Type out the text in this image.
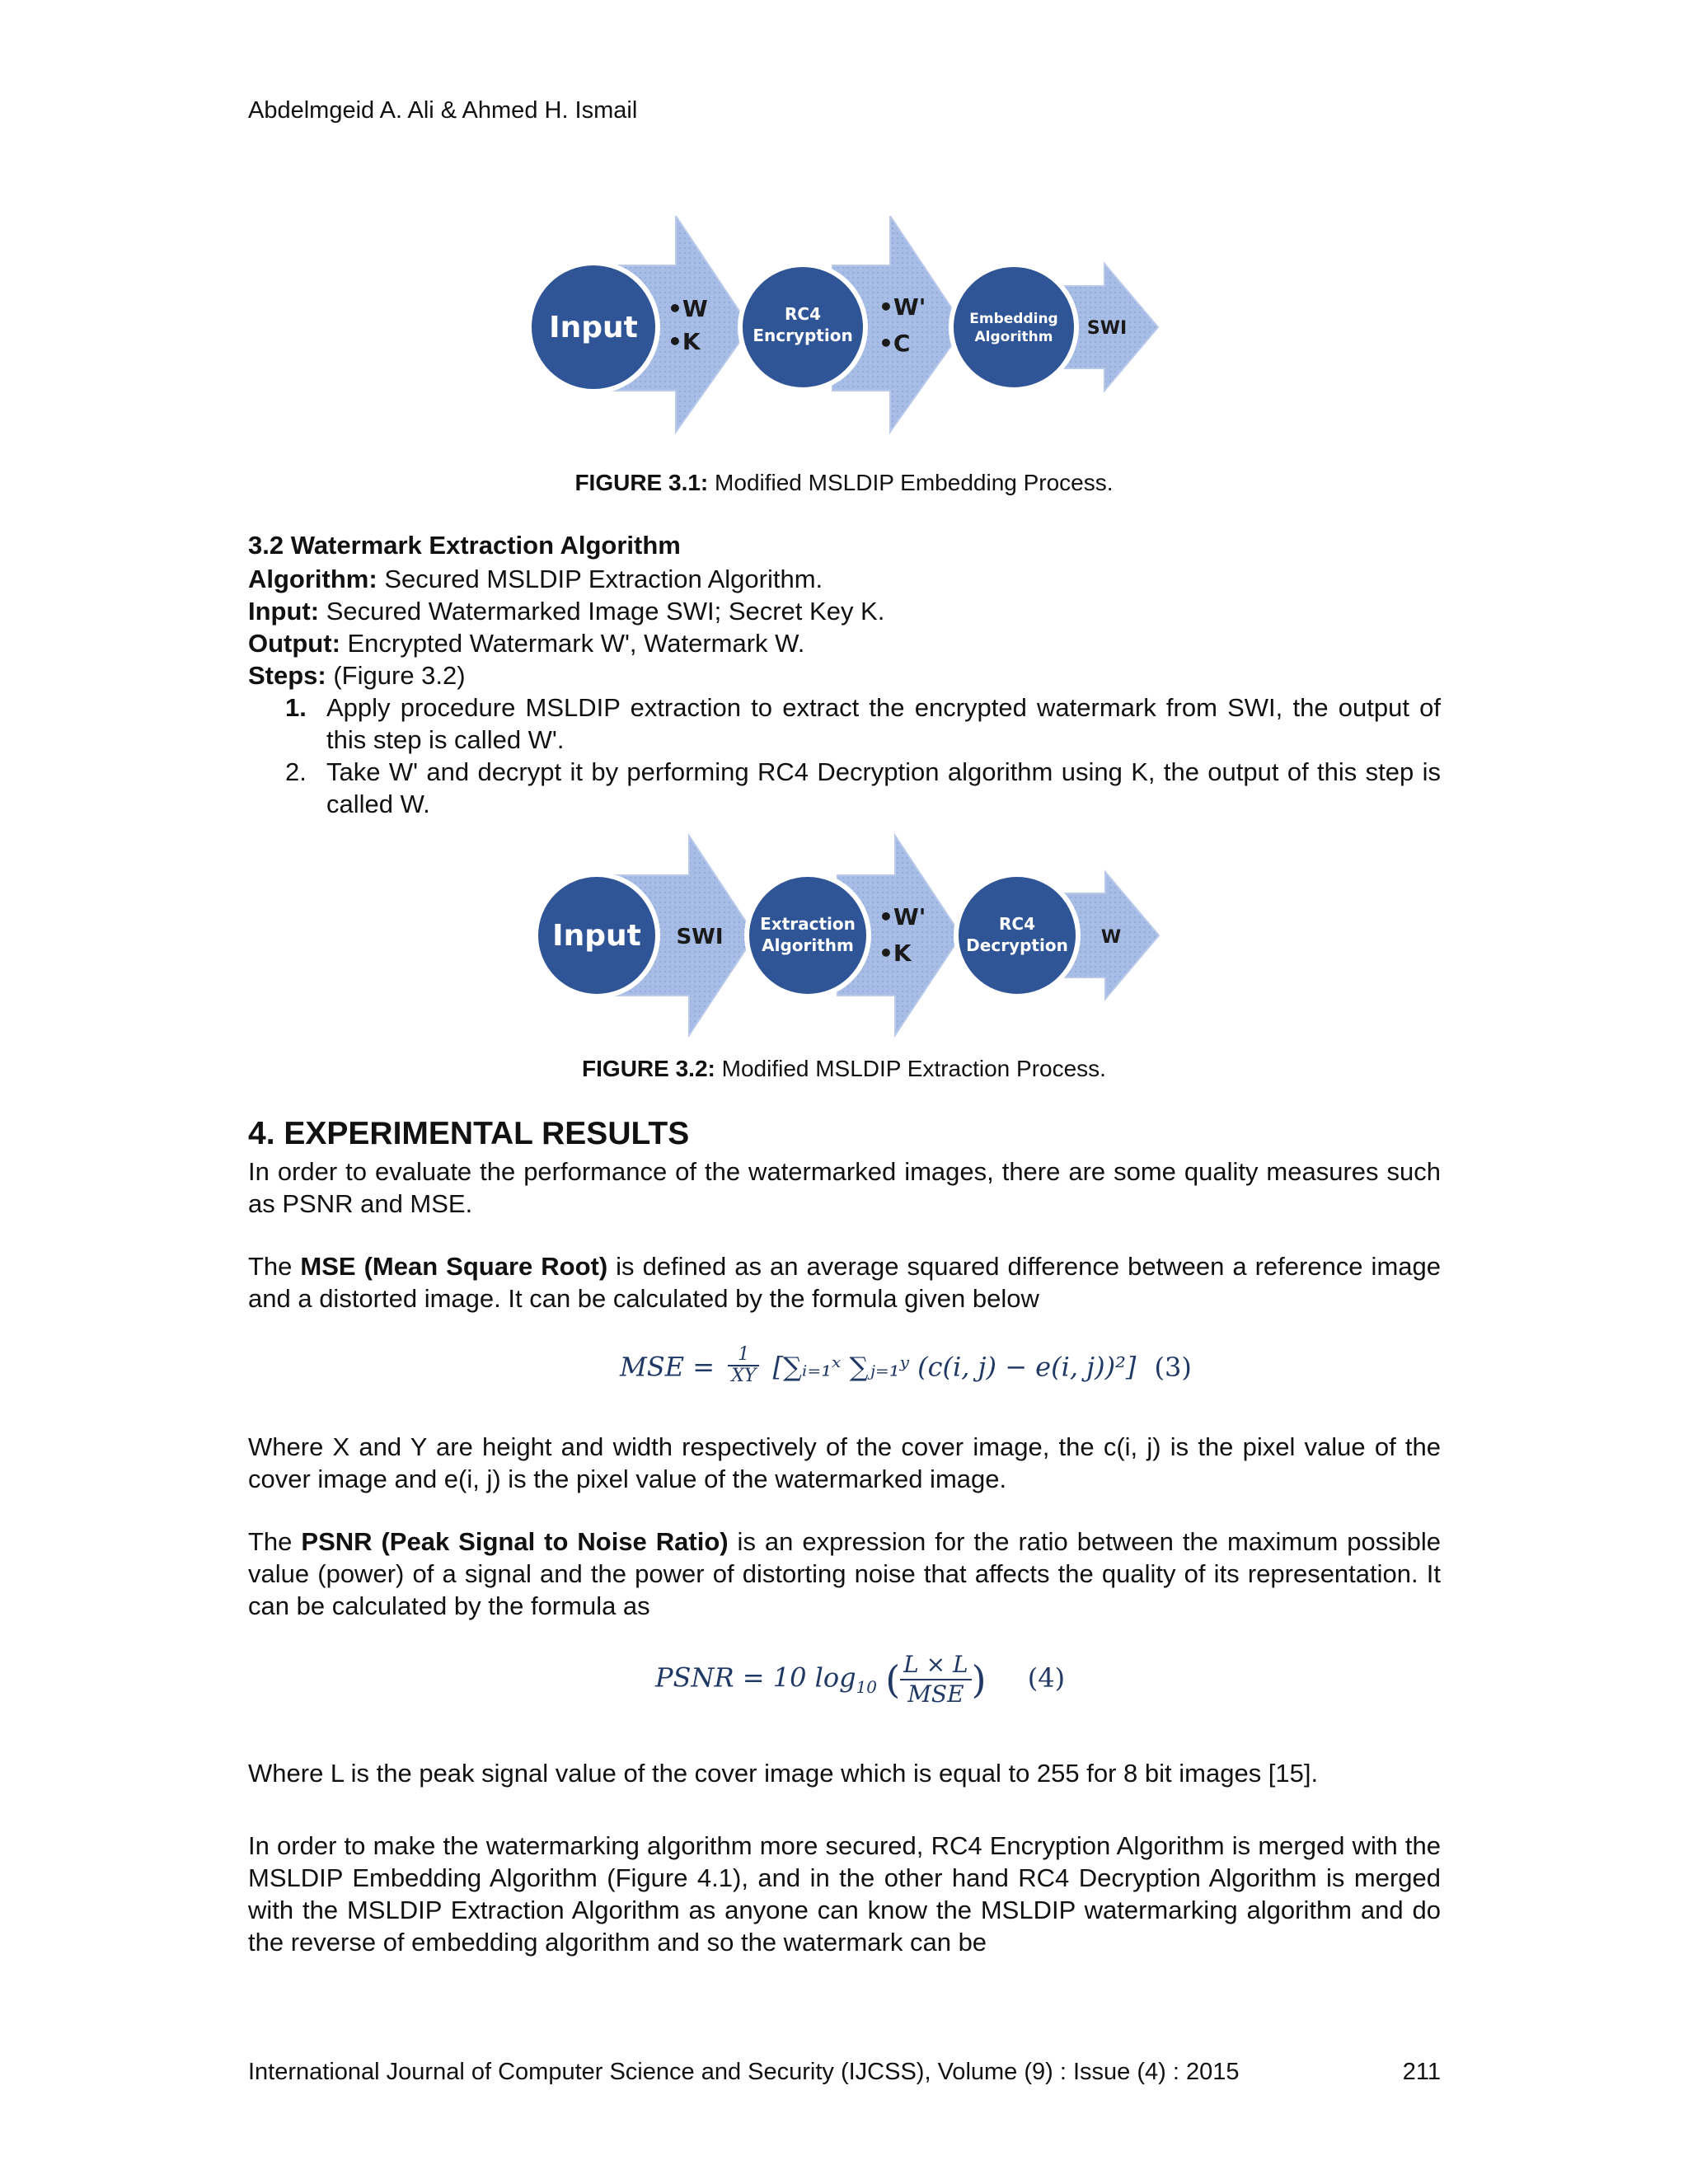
Abdelmgeid A. Ali & Ahmed H. Ismail
Input
•W
•K
RC4
Encryption
•W'
•C
Embedding
Algorithm SWI
FIGURE 3.1: Modified MSLDIP Embedding Process.
3.2 Watermark Extraction Algorithm
Algorithm: Secured MSLDIP Extraction Algorithm.
Input: Secured Watermarked Image SWI; Secret Key K.
Output: Encrypted Watermark W', Watermark W.
Steps: (Figure 3.2)
1. Apply procedure MSLDIP extraction to extract the encrypted watermark from SWI, the output of this step is called W'.
2. Take W' and decrypt it by performing RC4 Decryption algorithm using K, the output of this step is called W.
Input SWI
Extraction
Algorithm
•W'
•K
RC4
Decryption W
FIGURE 3.2: Modified MSLDIP Extraction Process.
4. EXPERIMENTAL RESULTS
In order to evaluate the performance of the watermarked images, there are some quality measures such as PSNR and MSE.
The MSE (Mean Square Root) is defined as an average squared difference between a reference image and a distorted image. It can be calculated by the formula given below
MSE = $\frac{1}{XY}$ [∑ᵢ₌₁ˣ ∑ⱼ₌₁ʸ (c(i, j) − e(i, j))²] (3)
Where X and Y are height and width respectively of the cover image, the c(i, j) is the pixel value of the cover image and e(i, j) is the pixel value of the watermarked image.
The PSNR (Peak Signal to Noise Ratio) is an expression for the ratio between the maximum possible value (power) of a signal and the power of distorting noise that affects the quality of its representation. It can be calculated by the formula as
PSNR = 10 $\log_{10}$ ( L × L
MSE ) (4)
Where L is the peak signal value of the cover image which is equal to 255 for 8 bit images [15].
In order to make the watermarking algorithm more secured, RC4 Encryption Algorithm is merged with the MSLDIP Embedding Algorithm (Figure 4.1), and in the other hand RC4 Decryption Algorithm is merged with the MSLDIP Extraction Algorithm as anyone can know the MSLDIP watermarking algorithm and do the reverse of embedding algorithm and so the watermark can be
International Journal of Computer Science and Security (IJCSS), Volume (9) : Issue (4) : 2015	211
